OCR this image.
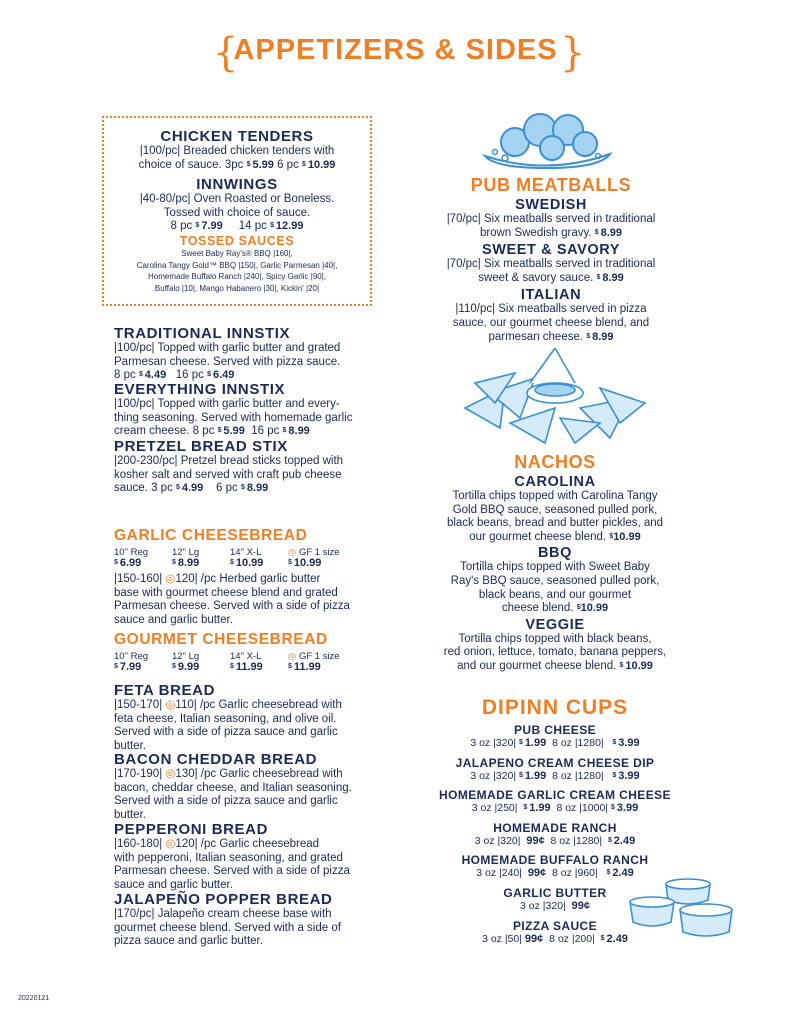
{
APPETIZERS & SIDES }
CHICKEN TENDERS
|100/pc| Breaded chicken tenders with
choice of sauce. 3pc $ 5.99 6 pc $ 10.99
INNWINGS
|40-80/pc| Oven Roasted or Boneless.
Tossed with choice of sauce.
8 pc $ 7.99     14 pc $ 12.99
TOSSED SAUCES
Sweet Baby Ray's® BBQ |160|,
Carolina Tangy Gold™ BBQ |150|, Garlic Parmesan |40|,
Homemade Buffalo Ranch |240|, Spicy Garlic |90|,
Buffalo |10|, Mango Habanero |30|, Kickin' |20|
TRADITIONAL INNSTIX
|100/pc| Topped with garlic butter and grated
Parmesan cheese. Served with pizza sauce.
8 pc $ 4.49   16 pc $ 6.49
EVERYTHING INNSTIX
|100/pc| Topped with garlic butter and every-
thing seasoning. Served with homemade garlic
cream cheese. 8 pc $ 5.99  16 pc $ 8.99
PRETZEL BREAD STIX
|200-230/pc| Pretzel bread sticks topped with
kosher salt and served with craft pub cheese
sauce. 3 pc $ 4.99    6 pc $ 8.99
GARLIC CHEESEBREAD
10" Reg
$ 6.99
12" Lg
$ 8.99
14" X-L
$ 10.99
◎ GF 1 size
$ 10.99
|150-160| ◎120| /pc Herbed garlic butter
base with gourmet cheese blend and grated
Parmesan cheese. Served with a side of pizza
sauce and garlic butter.
GOURMET CHEESEBREAD
10" Reg
$ 7.99
12" Lg
$ 9.99
14" X-L
$ 11.99
◎ GF 1 size
$ 11.99
FETA BREAD
|150-170| ◎110| /pc Garlic cheesebread with
feta cheese, Italian seasoning, and olive oil.
Served with a side of pizza sauce and garlic
butter.
BACON CHEDDAR BREAD
|170-190| ◎130| /pc Garlic cheesebread with
bacon, cheddar cheese, and Italian seasoning.
Served with a side of pizza sauce and garlic
butter.
PEPPERONI BREAD
|160-180| ◎120| /pc Garlic cheesebread
with pepperoni, Italian seasoning, and grated
Parmesan cheese. Served with a side of pizza
sauce and garlic butter.
JALAPEÑO POPPER BREAD
|170/pc| Jalapeño cream cheese base with
gourmet cheese blend. Served with a side of
pizza sauce and garlic butter.
PUB MEATBALLS
SWEDISH
|70/pc| Six meatballs served in traditional
brown Swedish gravy. $ 8.99
SWEET & SAVORY
|70/pc| Six meatballs served in traditional
sweet & savory sauce. $ 8.99
ITALIAN
|110/pc| Six meatballs served in pizza
sauce, our gourmet cheese blend, and
parmesan cheese. $ 8.99
NACHOS
CAROLINA
Tortilla chips topped with Carolina Tangy
Gold BBQ sauce, seasoned pulled pork,
black beans, bread and butter pickles, and
our gourmet cheese blend. $10.99
BBQ
Tortilla chips topped with Sweet Baby
Ray's BBQ sauce, seasoned pulled pork,
black beans, and our gourmet
cheese blend. $10.99
VEGGIE
Tortilla chips topped with black beans,
red onion, lettuce, tomato, banana peppers,
and our gourmet cheese blend. $ 10.99
DIPINN CUPS
PUB CHEESE
3 oz |320| $ 1.99  8 oz |1280|   $ 3.99
JALAPENO CREAM CHEESE DIP
3 oz |320| $ 1.99  8 oz |1280|   $ 3.99
HOMEMADE GARLIC CREAM CHEESE
3 oz |250|  $ 1.99  8 oz |1000| $ 3.99
HOMEMADE RANCH
3 oz |320|  99¢  8 oz |1280|  $ 2.49
HOMEMADE BUFFALO RANCH
3 oz |240|  99¢  8 oz |960|   $ 2.49
GARLIC BUTTER
3 oz |320|  99¢
PIZZA SAUCE
3 oz |50| 99¢  8 oz |200|  $ 2.49
20220121
